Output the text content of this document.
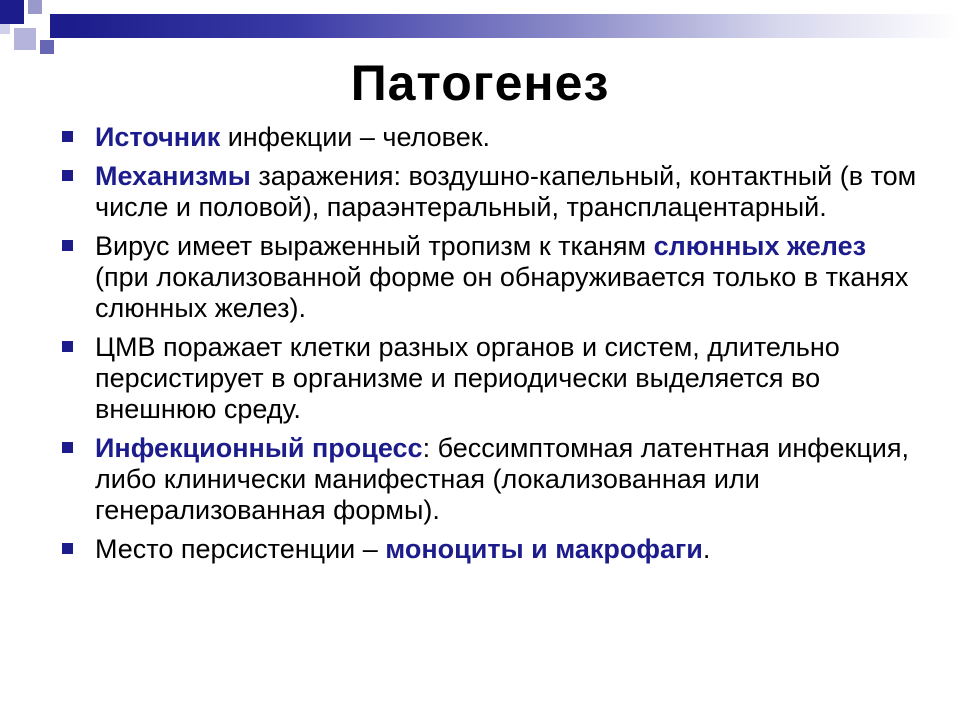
Патогенез
Источник инфекции – человек.
Механизмы заражения: воздушно-капельный, контактный (в том числе и половой), параэнтеральный, трансплацентарный.
Вирус имеет выраженный тропизм к тканям слюнных желез (при локализованной форме он обнаруживается только в тканях слюнных желез).
ЦМВ поражает клетки разных органов и систем, длительно персистирует в организме и периодически выделяется во внешнюю среду.
Инфекционный процесс: бессимптомная латентная инфекция, либо клинически манифестная (локализованная или генерализованная формы).
Место персистенции – моноциты и макрофаги.
